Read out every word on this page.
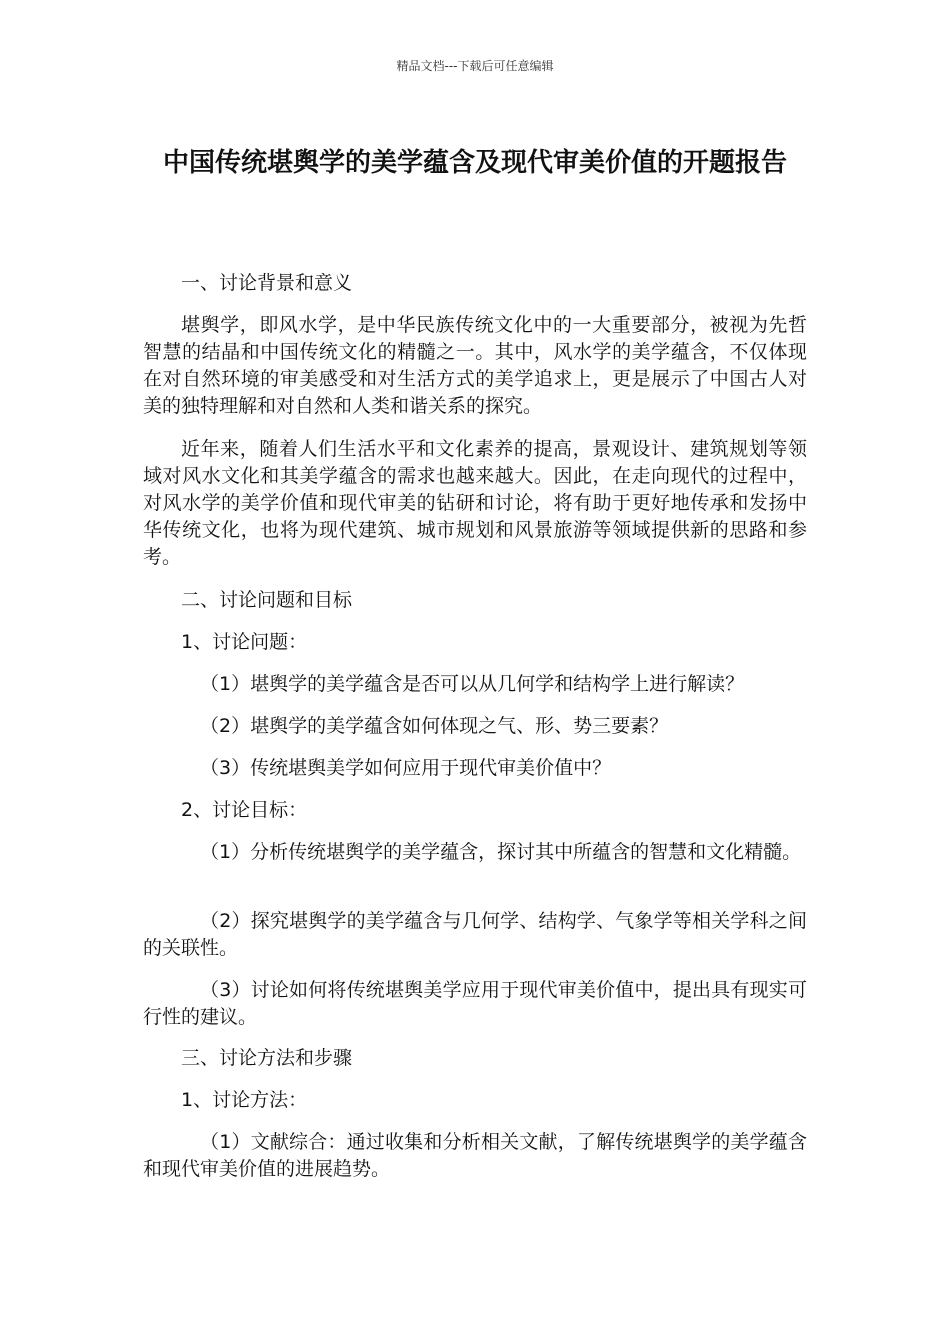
精品文档---下载后可任意编辑
中国传统堪舆学的美学蕴含及现代审美价值的开题报告

一、讨论背景和意义

堪舆学，即风水学，是中华民族传统文化中的一大重要部分，被视为先哲智慧的结晶和中国传统文化的精髓之一。其中，风水学的美学蕴含，不仅体现在对自然环境的审美感受和对生活方式的美学追求上，更是展示了中国古人对美的独特理解和对自然和人类和谐关系的探究。

近年来，随着人们生活水平和文化素养的提高，景观设计、建筑规划等领域对风水文化和其美学蕴含的需求也越来越大。因此，在走向现代的过程中，对风水学的美学价值和现代审美的钻研和讨论，将有助于更好地传承和发扬中华传统文化，也将为现代建筑、城市规划和风景旅游等领域提供新的思路和参考。

二、讨论问题和目标

1、讨论问题：

（1）堪舆学的美学蕴含是否可以从几何学和结构学上进行解读？

（2）堪舆学的美学蕴含如何体现之气、形、势三要素？

（3）传统堪舆美学如何应用于现代审美价值中？

2、讨论目标：

（1）分析传统堪舆学的美学蕴含，探讨其中所蕴含的智慧和文化精髓。

（2）探究堪舆学的美学蕴含与几何学、结构学、气象学等相关学科之间的关联性。

（3）讨论如何将传统堪舆美学应用于现代审美价值中，提出具有现实可行性的建议。

三、讨论方法和步骤

1、讨论方法：

（1）文献综合：通过收集和分析相关文献，了解传统堪舆学的美学蕴含和现代审美价值的进展趋势。
